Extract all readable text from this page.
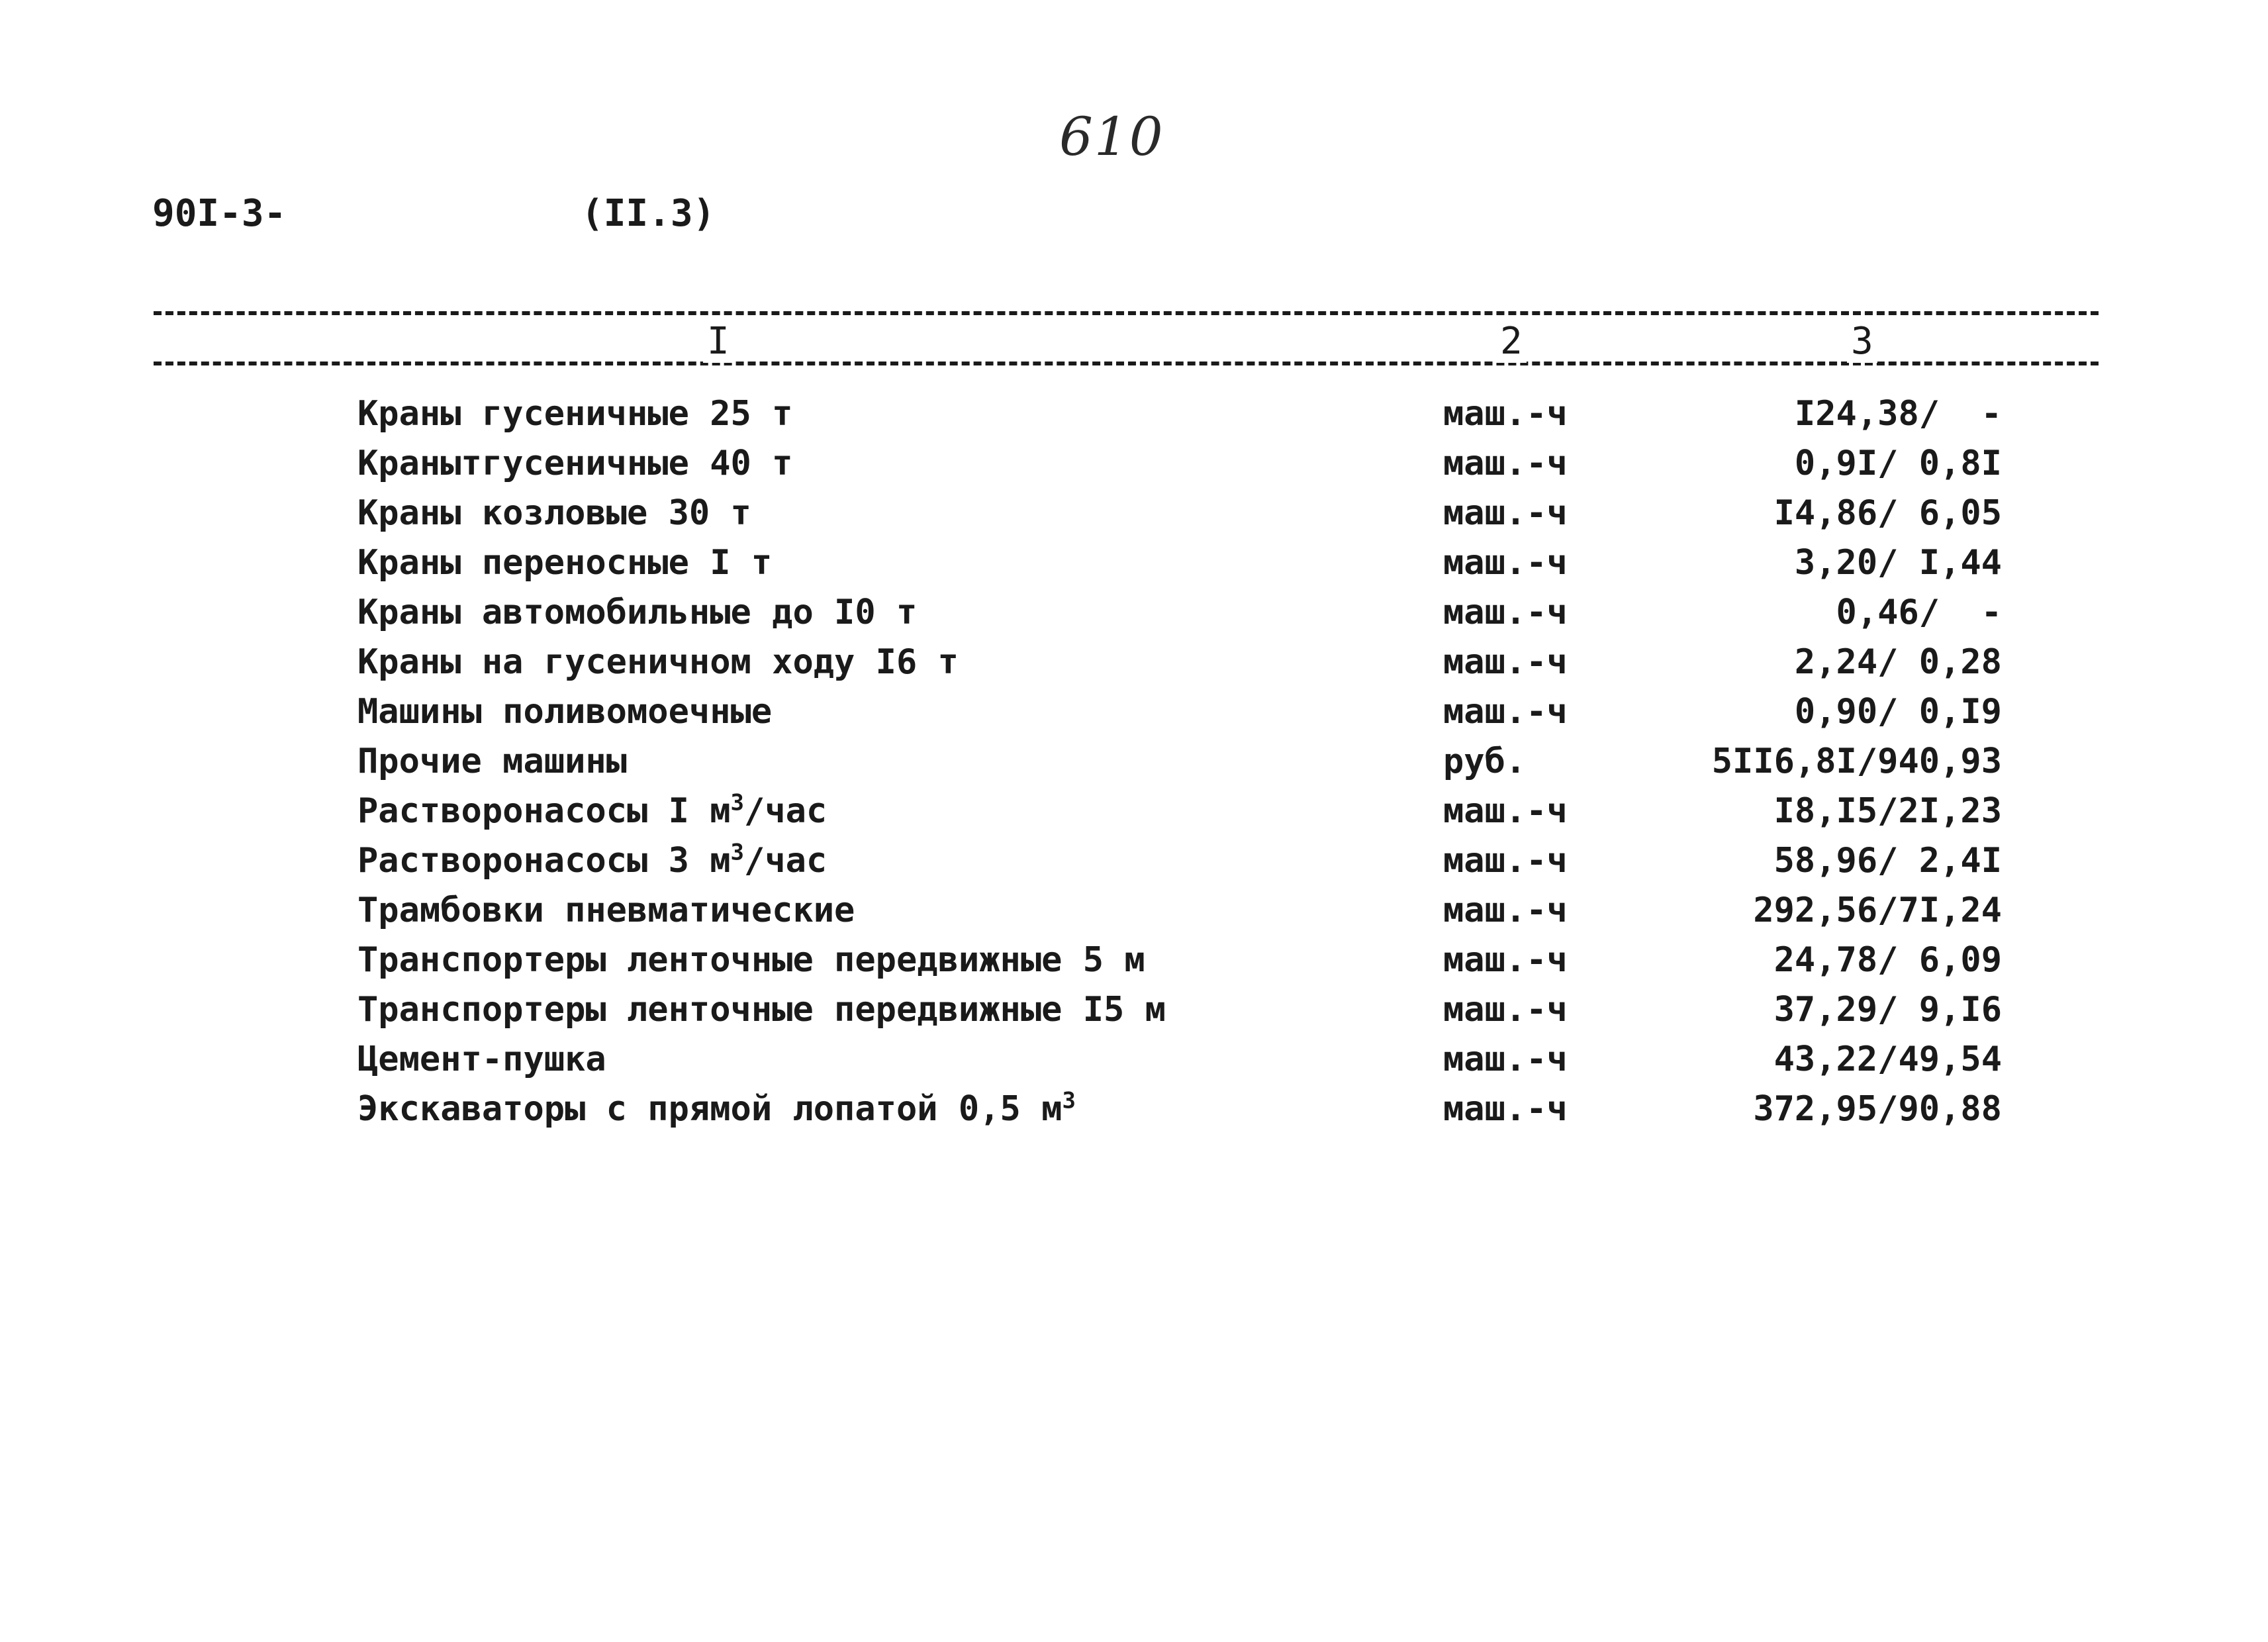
610
90I-3-	(II.3)
I	2	3
Краны гусеничные 25 т	маш.-ч	I24,38/  -
Кранытгусеничные 40 т	маш.-ч	0,9I/ 0,8I
Краны козловые 30 т	маш.-ч	I4,86/ 6,05
Краны переносные I т	маш.-ч	3,20/ I,44
Краны автомобильные до I0 т	маш.-ч	0,46/  -
Краны на гусеничном ходу I6 т	маш.-ч	2,24/ 0,28
Машины поливомоечные	маш.-ч	0,90/ 0,I9
Прочие машины	руб.	5II6,8I/940,93
Растворонасосы I $м^3$/час	маш.-ч	I8,I5/2I,23
Растворонасосы 3 $м^3$/час	маш.-ч	58,96/ 2,4I
Трамбовки пневматические	маш.-ч	292,56/7I,24
Транспортеры ленточные передвижные 5 м	маш.-ч	24,78/ 6,09
Транспортеры ленточные передвижные I5 м	маш.-ч	37,29/ 9,I6
Цемент-пушка	маш.-ч	43,22/49,54
Экскаваторы с прямой лопатой 0,5 $м^3$	маш.-ч	372,95/90,88
